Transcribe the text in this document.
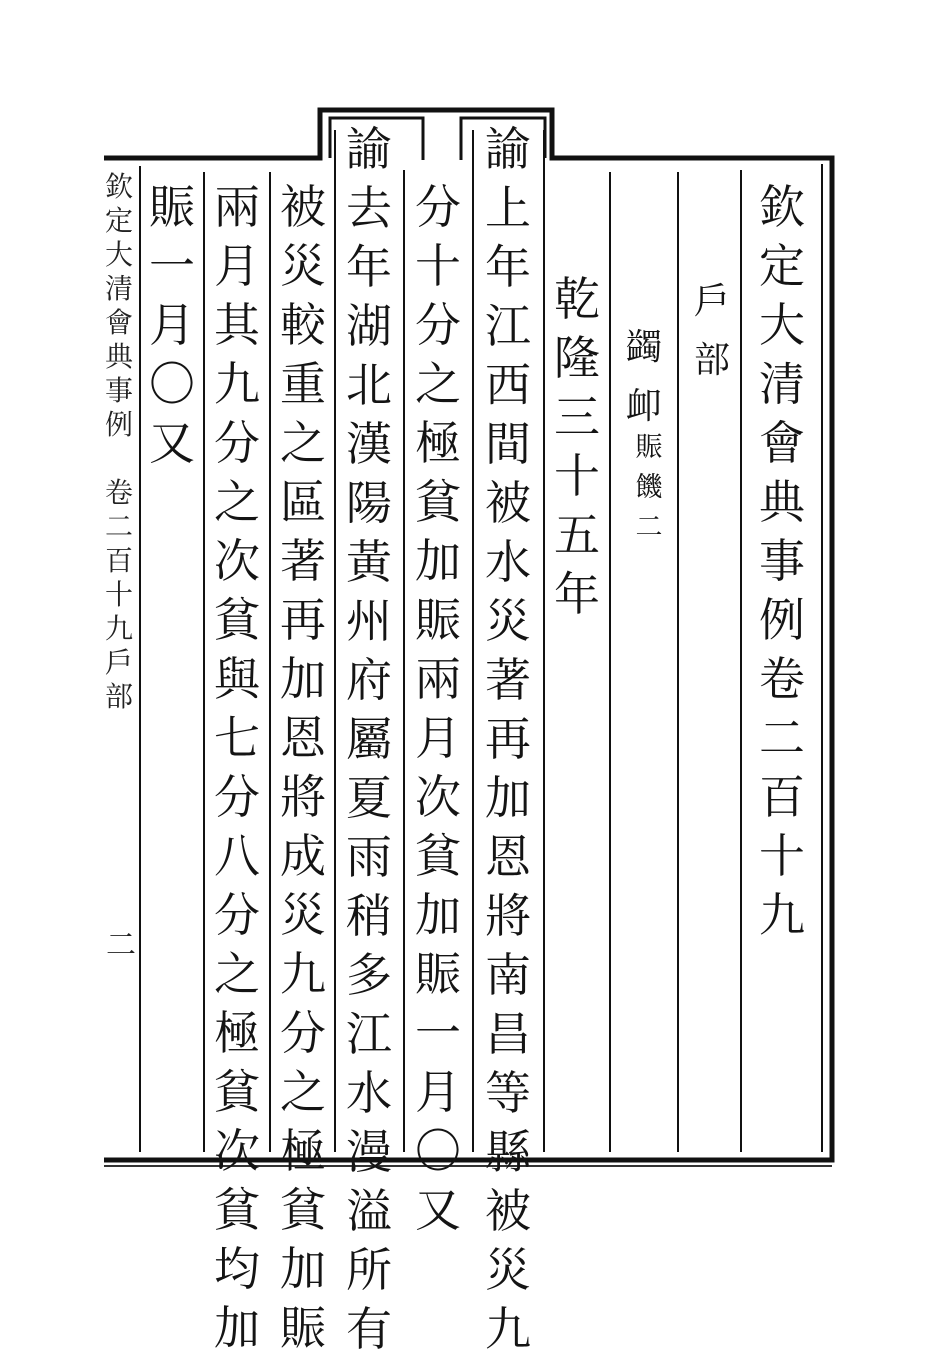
欽
定
大
清
會
典
事
例
卷
二
百
十
九
戶
部
蠲
卹
賑
饑
二
乾
隆
三
十
五
年
諭
上
年
江
西
間
被
水
災
著
再
加
恩
將
南
昌
等
縣
被
災
九
分
十
分
之
極
貧
加
賑
兩
月
次
貧
加
賑
一
月
〇
又
諭
去
年
湖
北
漢
陽
黃
州
府
屬
夏
雨
稍
多
江
水
漫
溢
所
有
被
災
較
重
之
區
著
再
加
恩
將
成
災
九
分
之
極
貧
加
賑
兩
月
其
九
分
之
次
貧
與
七
分
八
分
之
極
貧
次
貧
均
加
賑
一
月
〇
又
欽
定
大
清
會
典
事
例
卷
二
百
十
九
戶
部
二
